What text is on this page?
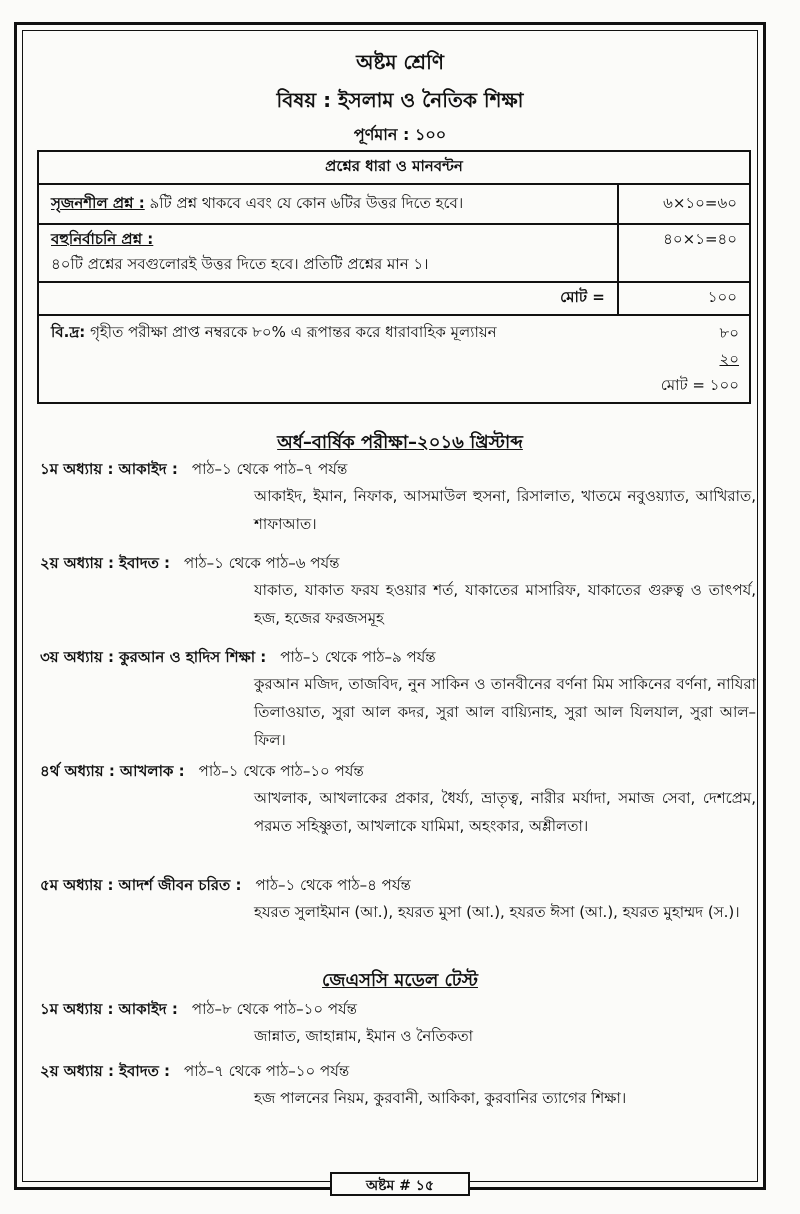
অষ্টম শ্রেণি
বিষয় : ইসলাম ও নৈতিক শিক্ষা
পূর্ণমান : ১০০
প্রশ্নের ধারা ও মানবন্টন	
সৃজনশীল প্রশ্ন : ৯টি প্রশ্ন থাকবে এবং যে কোন ৬টির উত্তর দিতে হবে।	৬×১০=৬০
বহুনির্বাচনি প্রশ্ন :
৪০টি প্রশ্নের সবগুলোরই উত্তর দিতে হবে। প্রতিটি প্রশ্নের মান ১।	৪০×১=৪০
মোট =	১০০

বি.দ্র: গৃহীত পরীক্ষা প্রাপ্ত নম্বরকে ৮০% এ রূপান্তর করে ধারাবাহিক মূল্যায়ন ৮০
২০
মোট = ১০০	
অর্ধ–বার্ষিক পরীক্ষা–২০১৬ খ্রিস্টাব্দ
১ম অধ্যায় : আকাইদ : পাঠ–১ থেকে পাঠ–৭ পর্যন্ত
আকাইদ, ইমান, নিফাক, আসমাউল হুসনা, রিসালাত, খাতমে নবুওয়্যাত, আখিরাত, শাফাআত।
২য় অধ্যায় : ইবাদত : পাঠ–১ থেকে পাঠ–৬ পর্যন্ত
যাকাত, যাকাত ফরয হওয়ার শর্ত, যাকাতের মাসারিফ, যাকাতের গুরুত্ব ও তাৎপর্য, হজ, হজের ফরজসমূহ
৩য় অধ্যায় : কুরআন ও হাদিস শিক্ষা : পাঠ–১ থেকে পাঠ–৯ পর্যন্ত
কুরআন মজিদ, তাজবিদ, নুন সাকিন ও তানবীনের বর্ণনা মিম সাকিনের বর্ণনা, নাযিরা তিলাওয়াত, সুরা আল কদর, সুরা আল বায়্যিনাহ, সুরা আল যিলযাল, সুরা আল–ফিল।
৪র্থ অধ্যায় : আখলাক : পাঠ–১ থেকে পাঠ–১০ পর্যন্ত
আখলাক, আখলাকের প্রকার, ধৈর্য্য, ভ্রাতৃত্ব, নারীর মর্যাদা, সমাজ সেবা, দেশপ্রেম, পরমত সহিষ্ণুতা, আখলাকে যামিমা, অহংকার, অশ্লীলতা।
৫ম অধ্যায় : আদর্শ জীবন চরিত : পাঠ–১ থেকে পাঠ–৪ পর্যন্ত
হযরত সুলাইমান (আ.), হযরত মুসা (আ.), হযরত ঈসা (আ.), হযরত মুহাম্মদ (স.)।
জেএসসি মডেল টেস্ট
১ম অধ্যায় : আকাইদ : পাঠ–৮ থেকে পাঠ–১০ পর্যন্ত
জান্নাত, জাহান্নাম, ইমান ও নৈতিকতা
২য় অধ্যায় : ইবাদত : পাঠ–৭ থেকে পাঠ–১০ পর্যন্ত
হজ পালনের নিয়ম, কুরবানী, আকিকা, কুরবানির ত্যাগের শিক্ষা।
অষ্টম # ১৫
